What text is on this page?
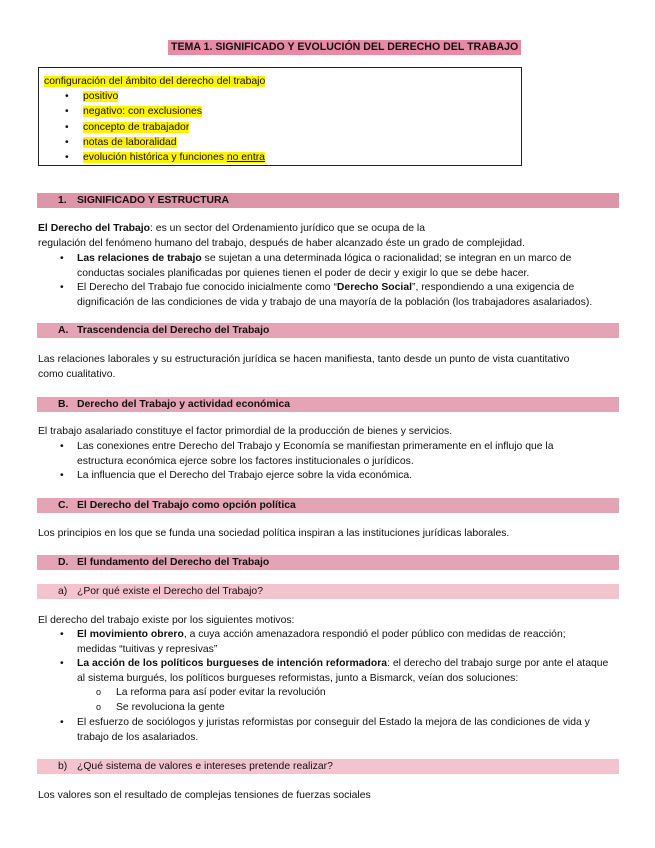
TEMA 1. SIGNIFICADO Y EVOLUCIÓN DEL DERECHO DEL TRABAJO
configuración del ámbito del derecho del trabajo
• positivo
• negativo: con exclusiones
• concepto de trabajador
• notas de laboralidad
• evolución histórica y funciones no entra
1. SIGNIFICADO Y ESTRUCTURA
El Derecho del Trabajo: es un sector del Ordenamiento jurídico que se ocupa de la
regulación del fenómeno humano del trabajo, después de haber alcanzado éste un grado de complejidad.
• Las relaciones de trabajo se sujetan a una determinada lógica o racionalidad; se integran en un marco de
conductas sociales planificadas por quienes tienen el poder de decir y exigir lo que se debe hacer.
• El Derecho del Trabajo fue conocido inicialmente como “Derecho Social”, respondiendo a una exigencia de
dignificación de las condiciones de vida y trabajo de una mayoría de la población (los trabajadores asalariados).
A. Trascendencia del Derecho del Trabajo
Las relaciones laborales y su estructuración jurídica se hacen manifiesta, tanto desde un punto de vista cuantitativo
como cualitativo.
B. Derecho del Trabajo y actividad económica
El trabajo asalariado constituye el factor primordial de la producción de bienes y servicios.
• Las conexiones entre Derecho del Trabajo y Economía se manifiestan primeramente en el influjo que la
estructura económica ejerce sobre los factores institucionales o jurídicos.
• La influencia que el Derecho del Trabajo ejerce sobre la vida económica.
C. El Derecho del Trabajo como opción política
Los principios en los que se funda una sociedad política inspiran a las instituciones jurídicas laborales.
D. El fundamento del Derecho del Trabajo
a) ¿Por qué existe el Derecho del Trabajo?
El derecho del trabajo existe por los siguientes motivos:
• El movimiento obrero, a cuya acción amenazadora respondió el poder público con medidas de reacción;
medidas “tuitivas y represivas”
• La acción de los políticos burgueses de intención reformadora: el derecho del trabajo surge por ante el ataque
al sistema burgués, los políticos burgueses reformistas, junto a Bismarck, veían dos soluciones:
o La reforma para así poder evitar la revolución
o Se revoluciona la gente
• El esfuerzo de sociólogos y juristas reformistas por conseguir del Estado la mejora de las condiciones de vida y
trabajo de los asalariados.
b) ¿Qué sistema de valores e intereses pretende realizar?
Los valores son el resultado de complejas tensiones de fuerzas sociales
